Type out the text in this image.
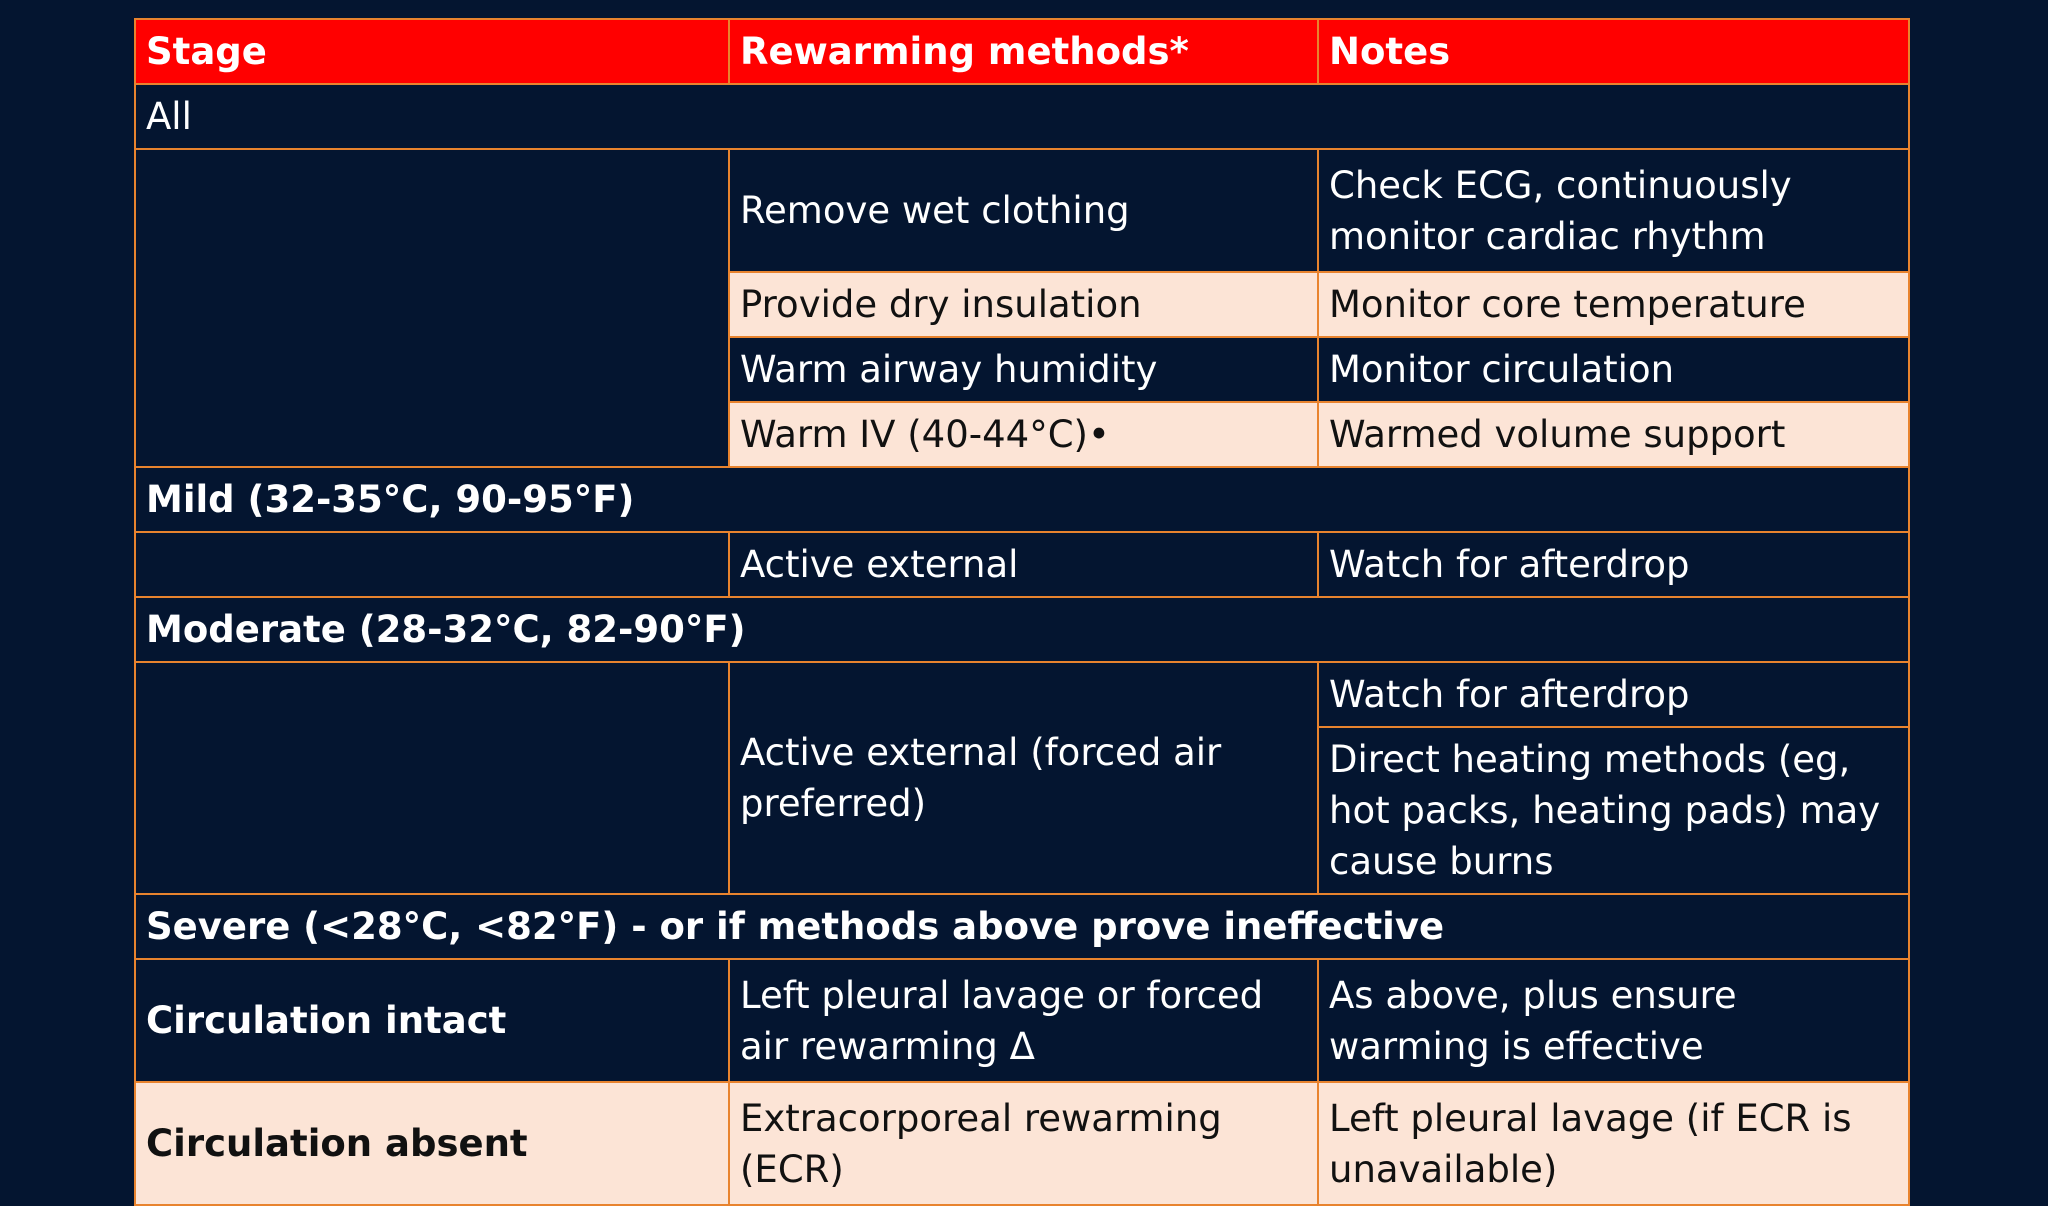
Stage	Rewarming methods*	Notes
All		
	Remove wet clothing	Check ECG, continuously monitor cardiac rhythm
	Provide dry insulation	Monitor core temperature
	Warm airway humidity	Monitor circulation
	Warm IV (40-44°C)•	Warmed volume support
Mild (32-35°C, 90-95°F)		
	Active external	Watch for afterdrop
Moderate (28-32°C, 82-90°F)		
	Active external (forced air preferred)	Watch for afterdrop
		Direct heating methods (eg, hot packs, heating pads) may cause burns
Severe (<28°C, <82°F) - or if methods above prove ineffective		
Circulation intact	Left pleural lavage or forced air rewarming Δ	As above, plus ensure warming is effective
Circulation absent	Extracorporeal rewarming (ECR)	Left pleural lavage (if ECR is unavailable)
